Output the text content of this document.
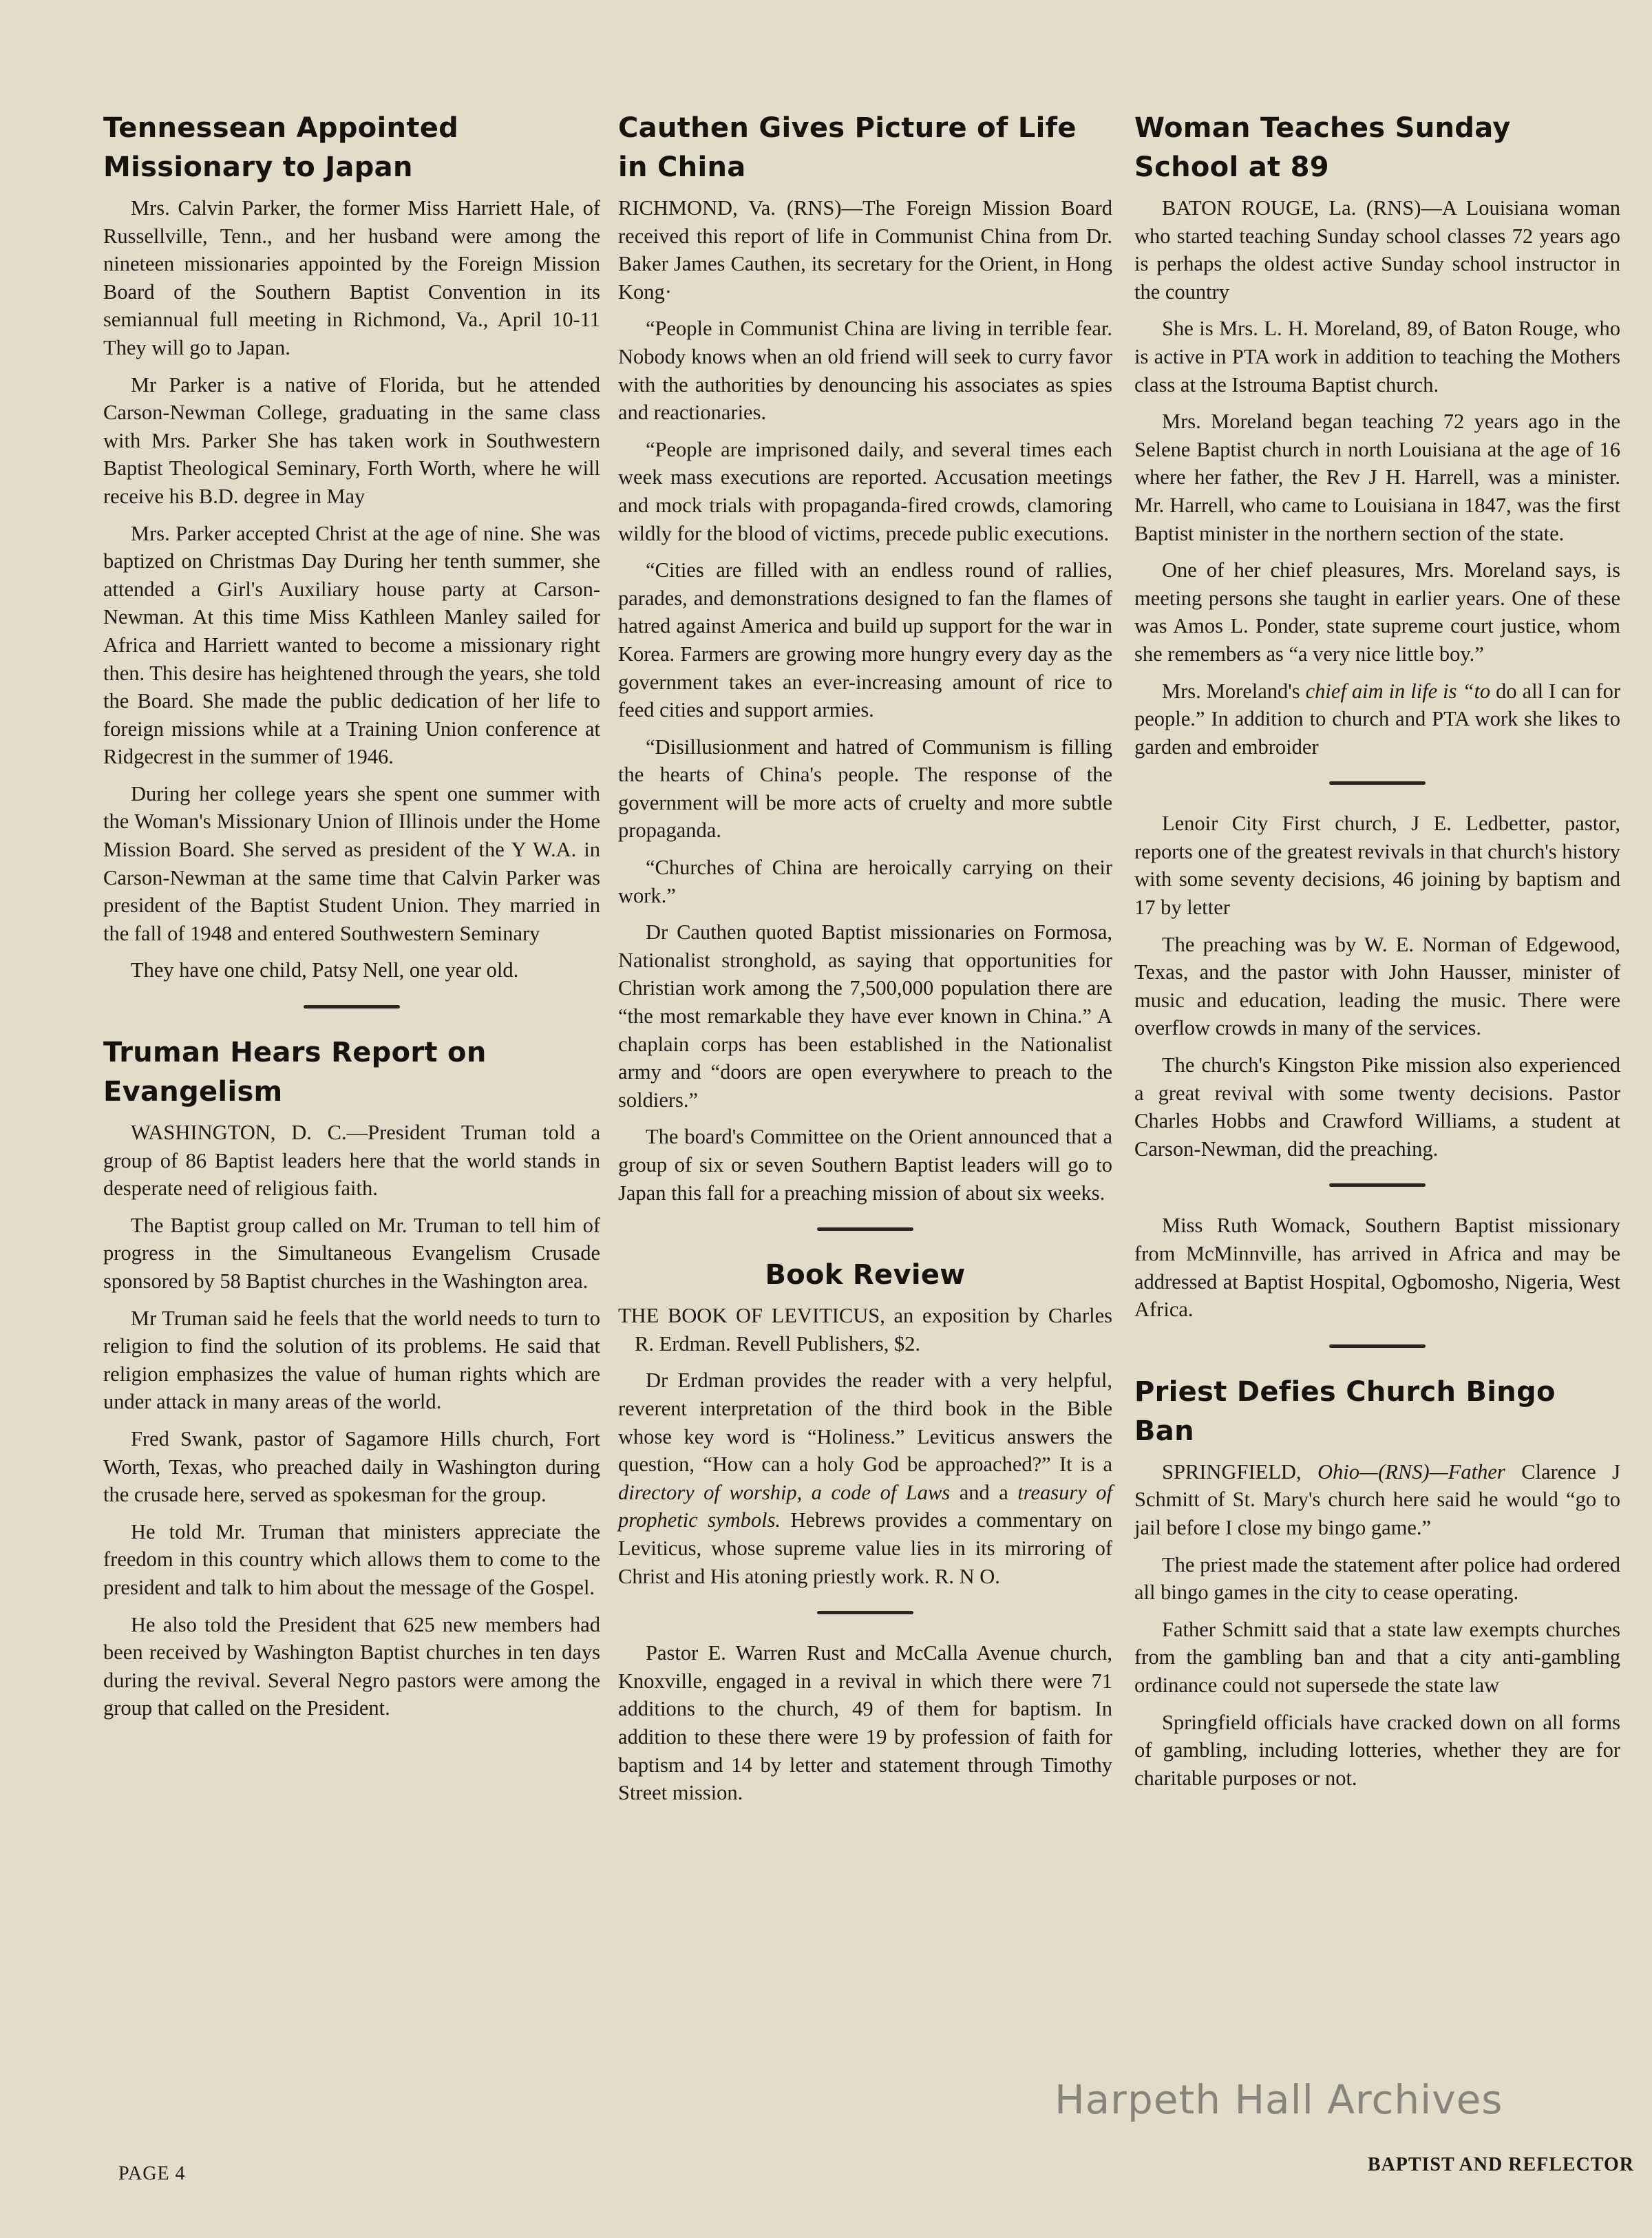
Tennessean Appointed Missionary to Japan

Mrs. Calvin Parker, the former Miss Harriett Hale, of Russellville, Tenn., and her husband were among the nineteen missionaries appointed by the Foreign Mission Board of the Southern Baptist Convention in its semiannual full meeting in Richmond, Va., April 10-11 They will go to Japan.

Mr Parker is a native of Florida, but he attended Carson-Newman College, graduating in the same class with Mrs. Parker She has taken work in Southwestern Baptist Theological Seminary, Forth Worth, where he will receive his B.D. degree in May

Mrs. Parker accepted Christ at the age of nine. She was baptized on Christmas Day During her tenth summer, she attended a Girl's Auxiliary house party at Carson-Newman. At this time Miss Kathleen Manley sailed for Africa and Harriett wanted to become a missionary right then. This desire has heightened through the years, she told the Board. She made the public dedication of her life to foreign missions while at a Training Union conference at Ridgecrest in the summer of 1946.

During her college years she spent one summer with the Woman's Missionary Union of Illinois under the Home Mission Board. She served as president of the Y W.A. in Carson-Newman at the same time that Calvin Parker was president of the Baptist Student Union. They married in the fall of 1948 and entered Southwestern Seminary

They have one child, Patsy Nell, one year old.

Truman Hears Report on Evangelism

WASHINGTON, D. C.—President Truman told a group of 86 Baptist leaders here that the world stands in desperate need of religious faith.

The Baptist group called on Mr. Truman to tell him of progress in the Simultaneous Evangelism Crusade sponsored by 58 Baptist churches in the Washington area.

Mr Truman said he feels that the world needs to turn to religion to find the solution of its problems. He said that religion emphasizes the value of human rights which are under attack in many areas of the world.

Fred Swank, pastor of Sagamore Hills church, Fort Worth, Texas, who preached daily in Washington during the crusade here, served as spokesman for the group.

He told Mr. Truman that ministers appreciate the freedom in this country which allows them to come to the president and talk to him about the message of the Gospel.

He also told the President that 625 new members had been received by Washington Baptist churches in ten days during the revival. Several Negro pastors were among the group that called on the President.

Cauthen Gives Picture of Life in China

RICHMOND, Va. (RNS)—The Foreign Mission Board received this report of life in Communist China from Dr. Baker James Cauthen, its secretary for the Orient, in Hong Kong·

“People in Communist China are living in terrible fear. Nobody knows when an old friend will seek to curry favor with the authorities by denouncing his associates as spies and reactionaries.

“People are imprisoned daily, and several times each week mass executions are reported. Accusation meetings and mock trials with propaganda-fired crowds, clamoring wildly for the blood of victims, precede public executions.

“Cities are filled with an endless round of rallies, parades, and demonstrations designed to fan the flames of hatred against America and build up support for the war in Korea. Farmers are growing more hungry every day as the government takes an ever-increasing amount of rice to feed cities and support armies.

“Disillusionment and hatred of Communism is filling the hearts of China's people. The response of the government will be more acts of cruelty and more subtle propaganda.

“Churches of China are heroically carrying on their work.”

Dr Cauthen quoted Baptist missionaries on Formosa, Nationalist stronghold, as saying that opportunities for Christian work among the 7,500,000 population there are “the most remarkable they have ever known in China.” A chaplain corps has been established in the Nationalist army and “doors are open everywhere to preach to the soldiers.”

The board's Committee on the Orient announced that a group of six or seven Southern Baptist leaders will go to Japan this fall for a preaching mission of about six weeks.

Book Review

THE BOOK OF LEVITICUS, an exposition by Charles R. Erdman. Revell Publishers, $2.

Dr Erdman provides the reader with a very helpful, reverent interpretation of the third book in the Bible whose key word is “Holiness.” Leviticus answers the question, “How can a holy God be approached?” It is a directory of worship, a code of Laws and a treasury of prophetic symbols. Hebrews provides a commentary on Leviticus, whose supreme value lies in its mirroring of Christ and His atoning priestly work. R. N O.

Pastor E. Warren Rust and McCalla Avenue church, Knoxville, engaged in a revival in which there were 71 additions to the church, 49 of them for baptism. In addition to these there were 19 by profession of faith for baptism and 14 by letter and statement through Timothy Street mission.

Woman Teaches Sunday School at 89

BATON ROUGE, La. (RNS)—A Louisiana woman who started teaching Sunday school classes 72 years ago is perhaps the oldest active Sunday school instructor in the country

She is Mrs. L. H. Moreland, 89, of Baton Rouge, who is active in PTA work in addition to teaching the Mothers class at the Istrouma Baptist church.

Mrs. Moreland began teaching 72 years ago in the Selene Baptist church in north Louisiana at the age of 16 where her father, the Rev J H. Harrell, was a minister. Mr. Harrell, who came to Louisiana in 1847, was the first Baptist minister in the northern section of the state.

One of her chief pleasures, Mrs. Moreland says, is meeting persons she taught in earlier years. One of these was Amos L. Ponder, state supreme court justice, whom she remembers as “a very nice little boy.”

Mrs. Moreland's chief aim in life is “to do all I can for people.” In addition to church and PTA work she likes to garden and embroider

Lenoir City First church, J E. Ledbetter, pastor, reports one of the greatest revivals in that church's history with some seventy decisions, 46 joining by baptism and 17 by letter

The preaching was by W. E. Norman of Edgewood, Texas, and the pastor with John Hausser, minister of music and education, leading the music. There were overflow crowds in many of the services.

The church's Kingston Pike mission also experienced a great revival with some twenty decisions. Pastor Charles Hobbs and Crawford Williams, a student at Carson-Newman, did the preaching.

Miss Ruth Womack, Southern Baptist missionary from McMinnville, has arrived in Africa and may be addressed at Baptist Hospital, Ogbomosho, Nigeria, West Africa.

Priest Defies Church Bingo Ban

SPRINGFIELD, Ohio—(RNS)—Father Clarence J Schmitt of St. Mary's church here said he would “go to jail before I close my bingo game.”

The priest made the statement after police had ordered all bingo games in the city to cease operating.

Father Schmitt said that a state law exempts churches from the gambling ban and that a city anti-gambling ordinance could not supersede the state law

Springfield officials have cracked down on all forms of gambling, including lotteries, whether they are for charitable purposes or not.

PAGE 4	BAPTIST AND REFLECTOR
Harpeth Hall Archives
